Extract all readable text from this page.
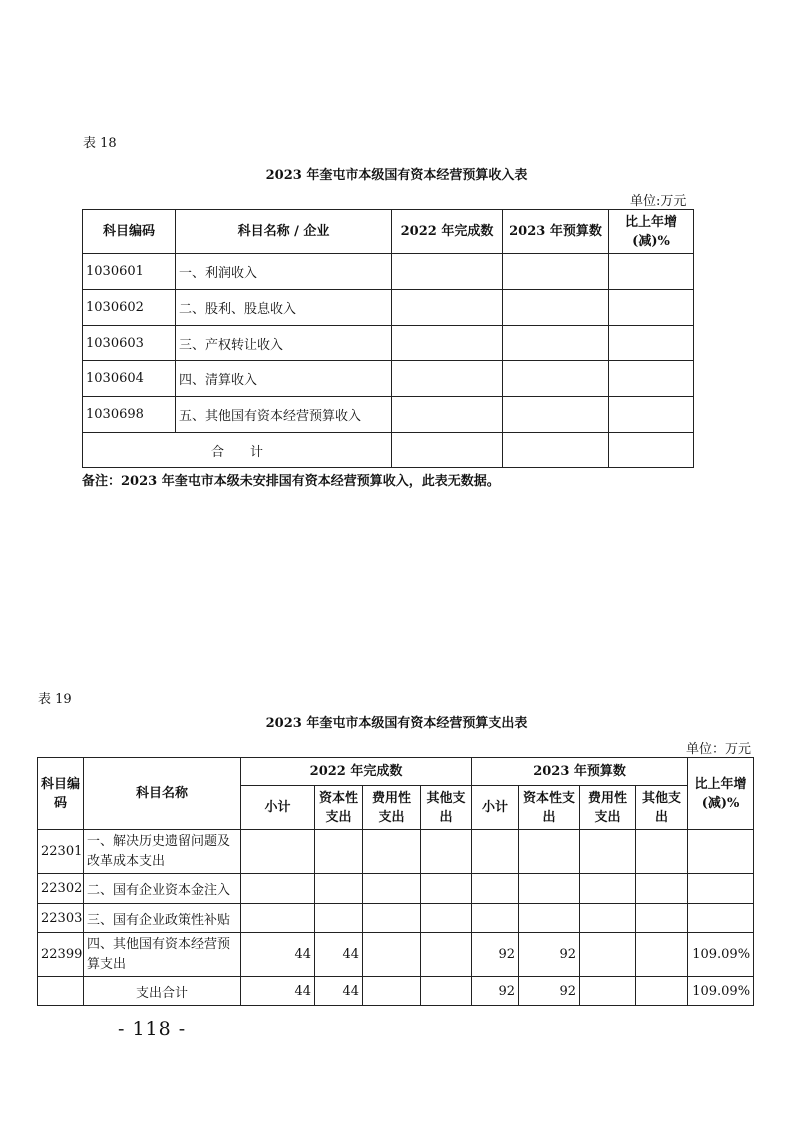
表 18
2023 年奎屯市本级国有资本经营预算收入表
单位:万元
科目编码	科目名称 / 企业	2022 年完成数	2023 年预算数	比上年增(减)%
1030601	一、利润收入			
1030602	二、股利、股息收入			
1030603	三、产权转让收入			
1030604	四、清算收入			
1030698	五、其他国有资本经营预算收入			
合　　计				
备注：2023 年奎屯市本级未安排国有资本经营预算收入，此表无数据。
表 19
2023 年奎屯市本级国有资本经营预算支出表
单位：万元
科目编码	科目名称	2022 年完成数				2023 年预算数				比上年增(减)%
		小计	资本性支出	费用性支出	其他支出	小计	资本性支出	费用性支出	其他支出	
22301	一、解决历史遗留问题及改革成本支出									
22302	二、国有企业资本金注入									
22303	三、国有企业政策性补贴									
22399	四、其他国有资本经营预算支出	44	44			92	92			109.09%
	支出合计	44	44			92	92			109.09%
- 118 -
